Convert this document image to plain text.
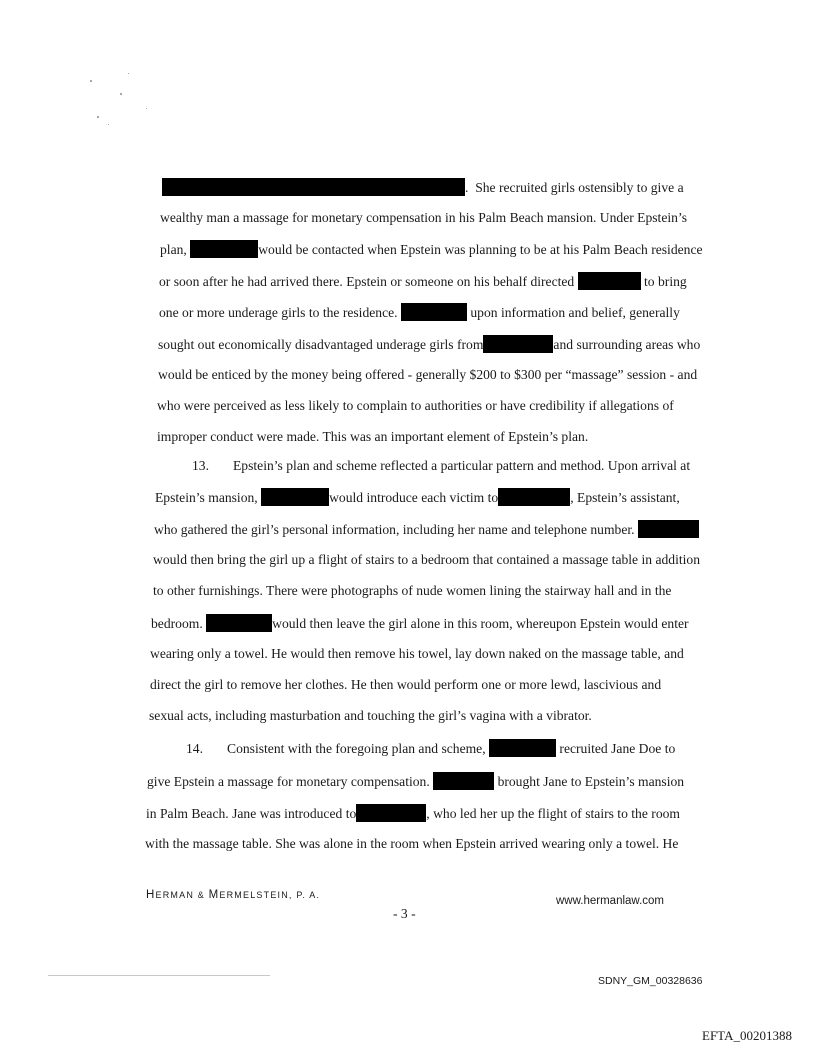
.  She recruited girls ostensibly to give a
wealthy man a massage for monetary compensation in his Palm Beach mansion. Under Epstein’s
plan,	would be contacted when Epstein was planning to be at his Palm Beach residence
or soon after he had arrived there. Epstein or someone on his behalf directed	to bring
one or more underage girls to the residence.	upon information and belief, generally
sought out economically disadvantaged underage girls from	and surrounding areas who
would be enticed by the money being offered - generally $200 to $300 per “massage” session - and
who were perceived as less likely to complain to authorities or have credibility if allegations of
improper conduct were made. This was an important element of Epstein’s plan.
13. Epstein’s plan and scheme reflected a particular pattern and method. Upon arrival at
Epstein’s mansion,	would introduce each victim to	, Epstein’s assistant,
who gathered the girl’s personal information, including her name and telephone number.
would then bring the girl up a flight of stairs to a bedroom that contained a massage table in addition
to other furnishings. There were photographs of nude women lining the stairway hall and in the
bedroom.	would then leave the girl alone in this room, whereupon Epstein would enter
wearing only a towel. He would then remove his towel, lay down naked on the massage table, and
direct the girl to remove her clothes. He then would perform one or more lewd, lascivious and
sexual acts, including masturbation and touching the girl’s vagina with a vibrator.
14. Consistent with the foregoing plan and scheme,	recruited Jane Doe to
give Epstein a massage for monetary compensation.	brought Jane to Epstein’s mansion
in Palm Beach. Jane was introduced to	, who led her up the flight of stairs to the room
with the massage table. She was alone in the room when Epstein arrived wearing only a towel. He
HERMAN & MERMELSTEIN, P. A.	www.hermanlaw.com
- 3 -
SDNY_GM_00328636
EFTA_00201388
